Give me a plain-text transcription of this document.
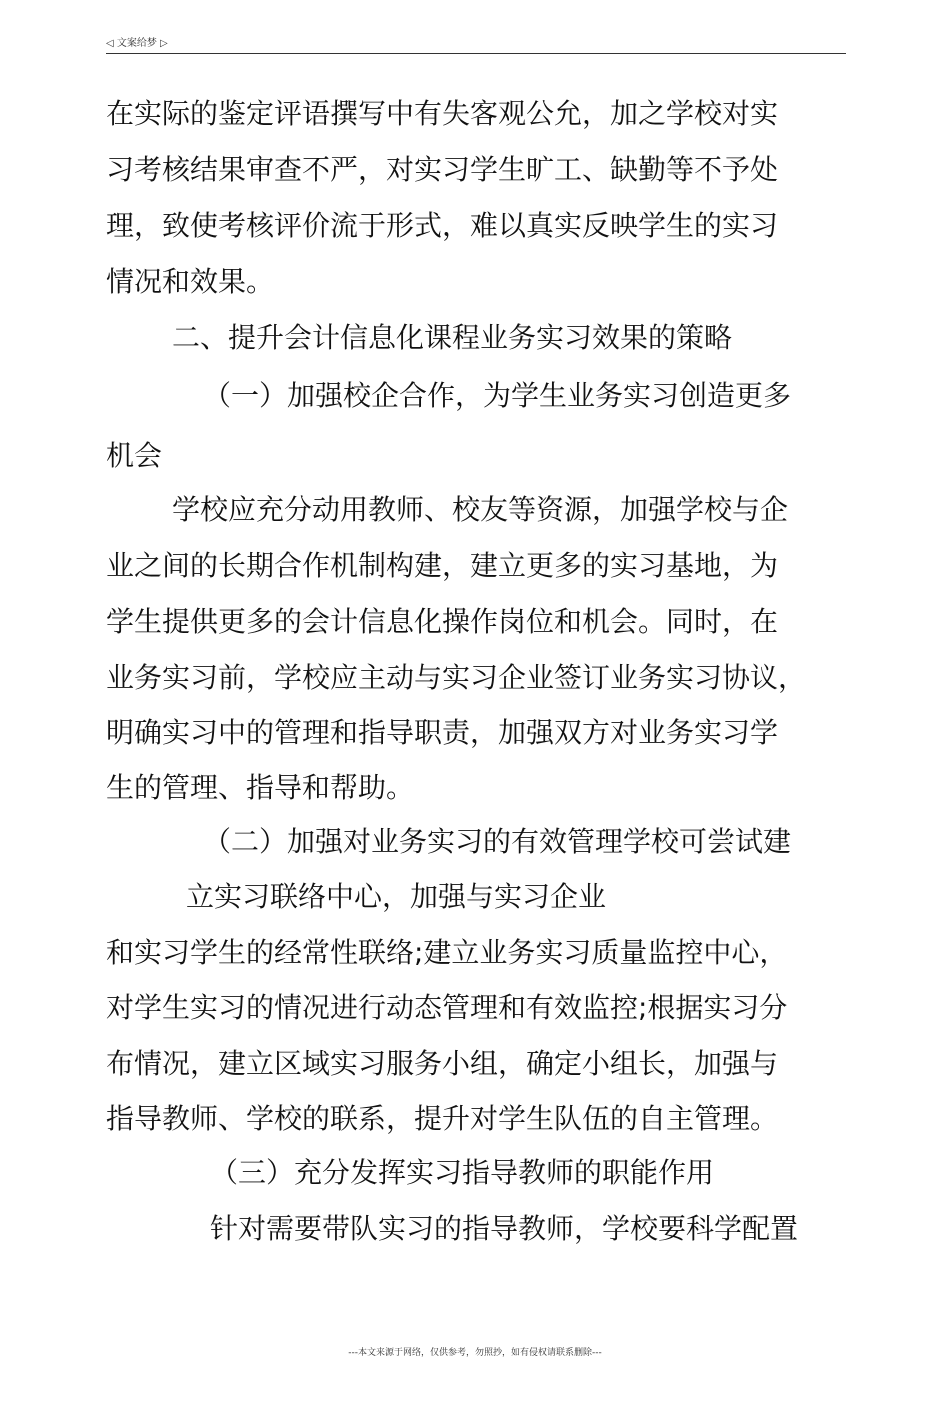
◁ 文案给梦 ▷
在实际的鉴定评语撰写中有失客观公允，加之学校对实
习考核结果审查不严，对实习学生旷工、缺勤等不予处
理，致使考核评价流于形式，难以真实反映学生的实习
情况和效果。
二、提升会计信息化课程业务实习效果的策略
（一）加强校企合作，为学生业务实习创造更多
机会
学校应充分动用教师、校友等资源，加强学校与企
业之间的长期合作机制构建，建立更多的实习基地，为
学生提供更多的会计信息化操作岗位和机会。同时，在
业务实习前，学校应主动与实习企业签订业务实习协议，
明确实习中的管理和指导职责，加强双方对业务实习学
生的管理、指导和帮助。
（二）加强对业务实习的有效管理学校可尝试建
立实习联络中心，加强与实习企业
和实习学生的经常性联络;建立业务实习质量监控中心，
对学生实习的情况进行动态管理和有效监控;根据实习分
布情况，建立区域实习服务小组，确定小组长，加强与
指导教师、学校的联系，提升对学生队伍的自主管理。
（三）充分发挥实习指导教师的职能作用
针对需要带队实习的指导教师，学校要科学配置
---本文来源于网络，仅供参考，勿照抄，如有侵权请联系删除---
